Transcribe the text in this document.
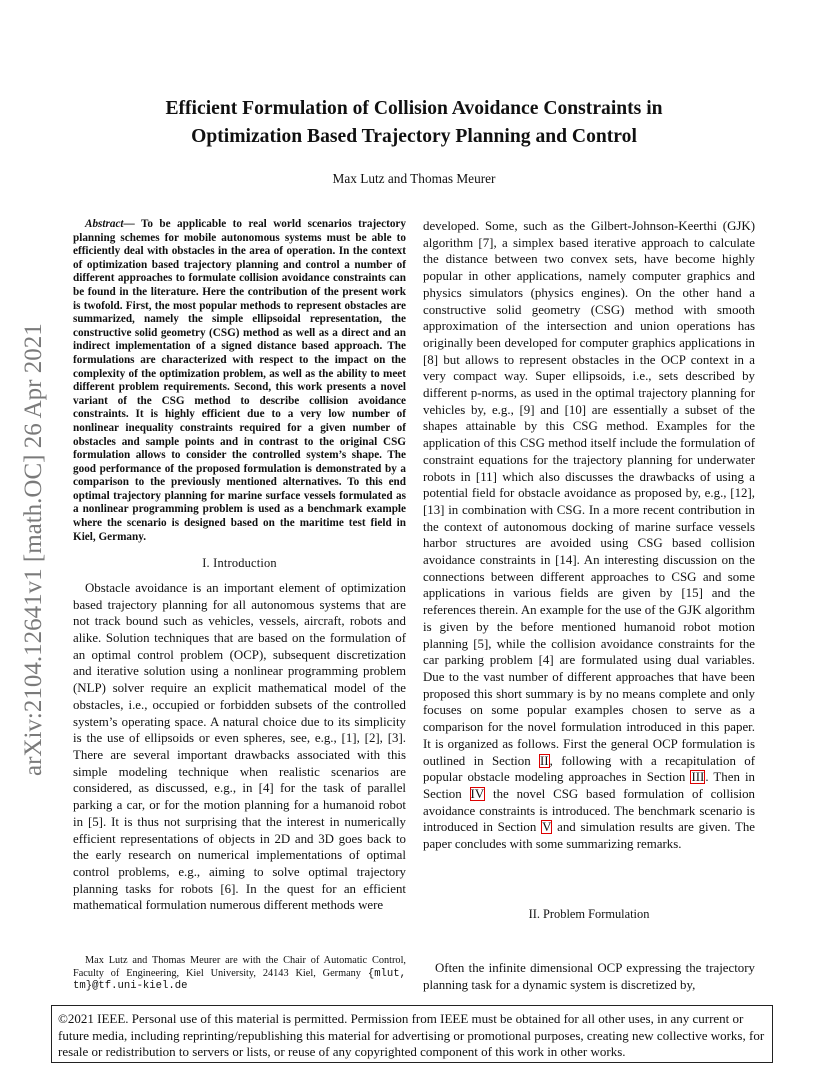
arXiv:2104.12641v1 [math.OC] 26 Apr 2021
Efficient Formulation of Collision Avoidance Constraints in
Optimization Based Trajectory Planning and Control
Max Lutz and Thomas Meurer

Abstract— To be applicable to real world scenarios trajectory planning schemes for mobile autonomous systems must be able to efficiently deal with obstacles in the area of operation. In the context of optimization based trajectory planning and control a number of different approaches to formulate collision avoidance constraints can be found in the literature. Here the contribution of the present work is twofold. First, the most popular methods to represent obstacles are summarized, namely the simple ellipsoidal representation, the constructive solid geometry (CSG) method as well as a direct and an indirect implementation of a signed distance based approach. The formulations are characterized with respect to the impact on the complexity of the optimization problem, as well as the ability to meet different problem requirements. Second, this work presents a novel variant of the CSG method to describe collision avoidance constraints. It is highly efficient due to a very low number of nonlinear inequality constraints required for a given number of obstacles and sample points and in contrast to the original CSG formulation allows to consider the controlled system’s shape. The good performance of the proposed formulation is demonstrated by a comparison to the previously mentioned alternatives. To this end optimal trajectory planning for marine surface vessels formulated as a nonlinear programming problem is used as a benchmark example where the scenario is designed based on the maritime test field in Kiel, Germany.

I. Introduction

Obstacle avoidance is an important element of optimization based trajectory planning for all autonomous systems that are not track bound such as vehicles, vessels, aircraft, robots and alike. Solution techniques that are based on the formulation of an optimal control problem (OCP), subsequent discretization and iterative solution using a nonlinear programming problem (NLP) solver require an explicit mathematical model of the obstacles, i.e., occupied or forbidden subsets of the controlled system’s operating space. A natural choice due to its simplicity is the use of ellipsoids or even spheres, see, e.g., [1], [2], [3]. There are several important drawbacks associated with this simple modeling technique when realistic scenarios are considered, as discussed, e.g., in [4] for the task of parallel parking a car, or for the motion planning for a humanoid robot in [5]. It is thus not surprising that the interest in numerically efficient representations of objects in 2D and 3D goes back to the early research on numerical implementations of optimal control problems, e.g., aiming to solve optimal trajectory planning tasks for robots [6]. In the quest for an efficient mathematical formulation numerous different methods were

Max Lutz and Thomas Meurer are with the Chair of Automatic Control, Faculty of Engineering, Kiel University, 24143 Kiel, Germany {mlut, tm}@tf.uni-kiel.de

developed. Some, such as the Gilbert-Johnson-Keerthi (GJK) algorithm [7], a simplex based iterative approach to calculate the distance between two convex sets, have become highly popular in other applications, namely computer graphics and physics simulators (physics engines). On the other hand a constructive solid geometry (CSG) method with smooth approximation of the intersection and union operations has originally been developed for computer graphics applications in [8] but allows to represent obstacles in the OCP context in a very compact way. Super ellipsoids, i.e., sets described by different p-norms, as used in the optimal trajectory planning for vehicles by, e.g., [9] and [10] are essentially a subset of the shapes attainable by this CSG method. Examples for the application of this CSG method itself include the formulation of constraint equations for the trajectory planning for underwater robots in [11] which also discusses the drawbacks of using a potential field for obstacle avoidance as proposed by, e.g., [12], [13] in combination with CSG. In a more recent contribution in the context of autonomous docking of marine surface vessels harbor structures are avoided using CSG based collision avoidance constraints in [14]. An interesting discussion on the connections between different approaches to CSG and some applications in various fields are given by [15] and the references therein. An example for the use of the GJK algorithm is given by the before mentioned humanoid robot motion planning [5], while the collision avoidance constraints for the car parking problem [4] are formulated using dual variables. Due to the vast number of different approaches that have been proposed this short summary is by no means complete and only focuses on some popular examples chosen to serve as a comparison for the novel formulation introduced in this paper. It is organized as follows. First the general OCP formulation is outlined in Section II, following with a recapitulation of popular obstacle modeling approaches in Section III. Then in Section IV the novel CSG based formulation of collision avoidance constraints is introduced. The benchmark scenario is introduced in Section V and simulation results are given. The paper concludes with some summarizing remarks.

II. Problem Formulation
Often the infinite dimensional OCP expressing the trajectory planning task for a dynamic system is discretized by,
©2021 IEEE. Personal use of this material is permitted. Permission from IEEE must be obtained for all other uses, in any current or future media, including reprinting/republishing this material for advertising or promotional purposes, creating new collective works, for resale or redistribution to servers or lists, or reuse of any copyrighted component of this work in other works.
